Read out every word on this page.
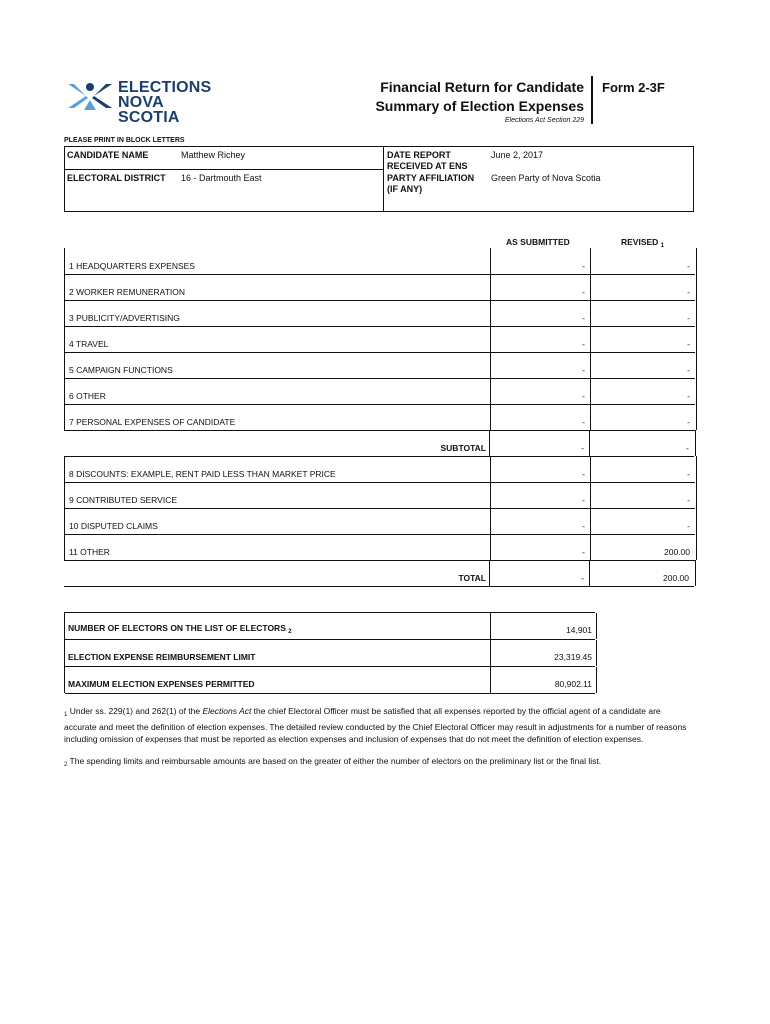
ELECTIONS
NOVA SCOTIA
Financial Return for Candidate
Summary of Election Expenses
Elections Act Section 229
Form 2-3F
PLEASE PRINT IN BLOCK LETTERS
CANDIDATE NAME	Matthew Richey
ELECTORAL DISTRICT 16 - Dartmouth East
DATE REPORT
RECEIVED AT ENS
June 2, 2017
PARTY AFFILIATION
(IF ANY)
Green Party of Nova Scotia
AS SUBMITTED	REVISED $_1$
1 HEADQUARTERS EXPENSES	-	-
2 WORKER REMUNERATION	-	-
3 PUBLICITY/ADVERTISING	-	-
4 TRAVEL	-	-
5 CAMPAIGN FUNCTIONS	-	-
6 OTHER	-	-
7 PERSONAL EXPENSES OF CANDIDATE	-	-
SUBTOTAL	-	-
8 DISCOUNTS: EXAMPLE, RENT PAID LESS THAN MARKET PRICE	-	-
9 CONTRIBUTED SERVICE	-	-
10 DISPUTED CLAIMS	-	-
11 OTHER	-	200.00
TOTAL	-	200.00
NUMBER OF ELECTORS ON THE LIST OF ELECTORS $_2$	14,901
ELECTION EXPENSE REIMBURSEMENT LIMIT	23,319.45
MAXIMUM ELECTION EXPENSES PERMITTED	80,902.11
$_1$ Under ss. 229(1) and 262(1) of the Elections Act the chief Electoral Officer must be satisfied that all expenses reported by the official agent of a candidate are accurate and meet the definition of election expenses. The detailed review conducted by the Chief Electoral Officer may result in adjustments for a number of reasons including omission of expenses that must be reported as election expenses and inclusion of expenses that do not meet the definition of election expenses.
$_2$ The spending limits and reimbursable amounts are based on the greater of either the number of electors on the preliminary list or the final list.
